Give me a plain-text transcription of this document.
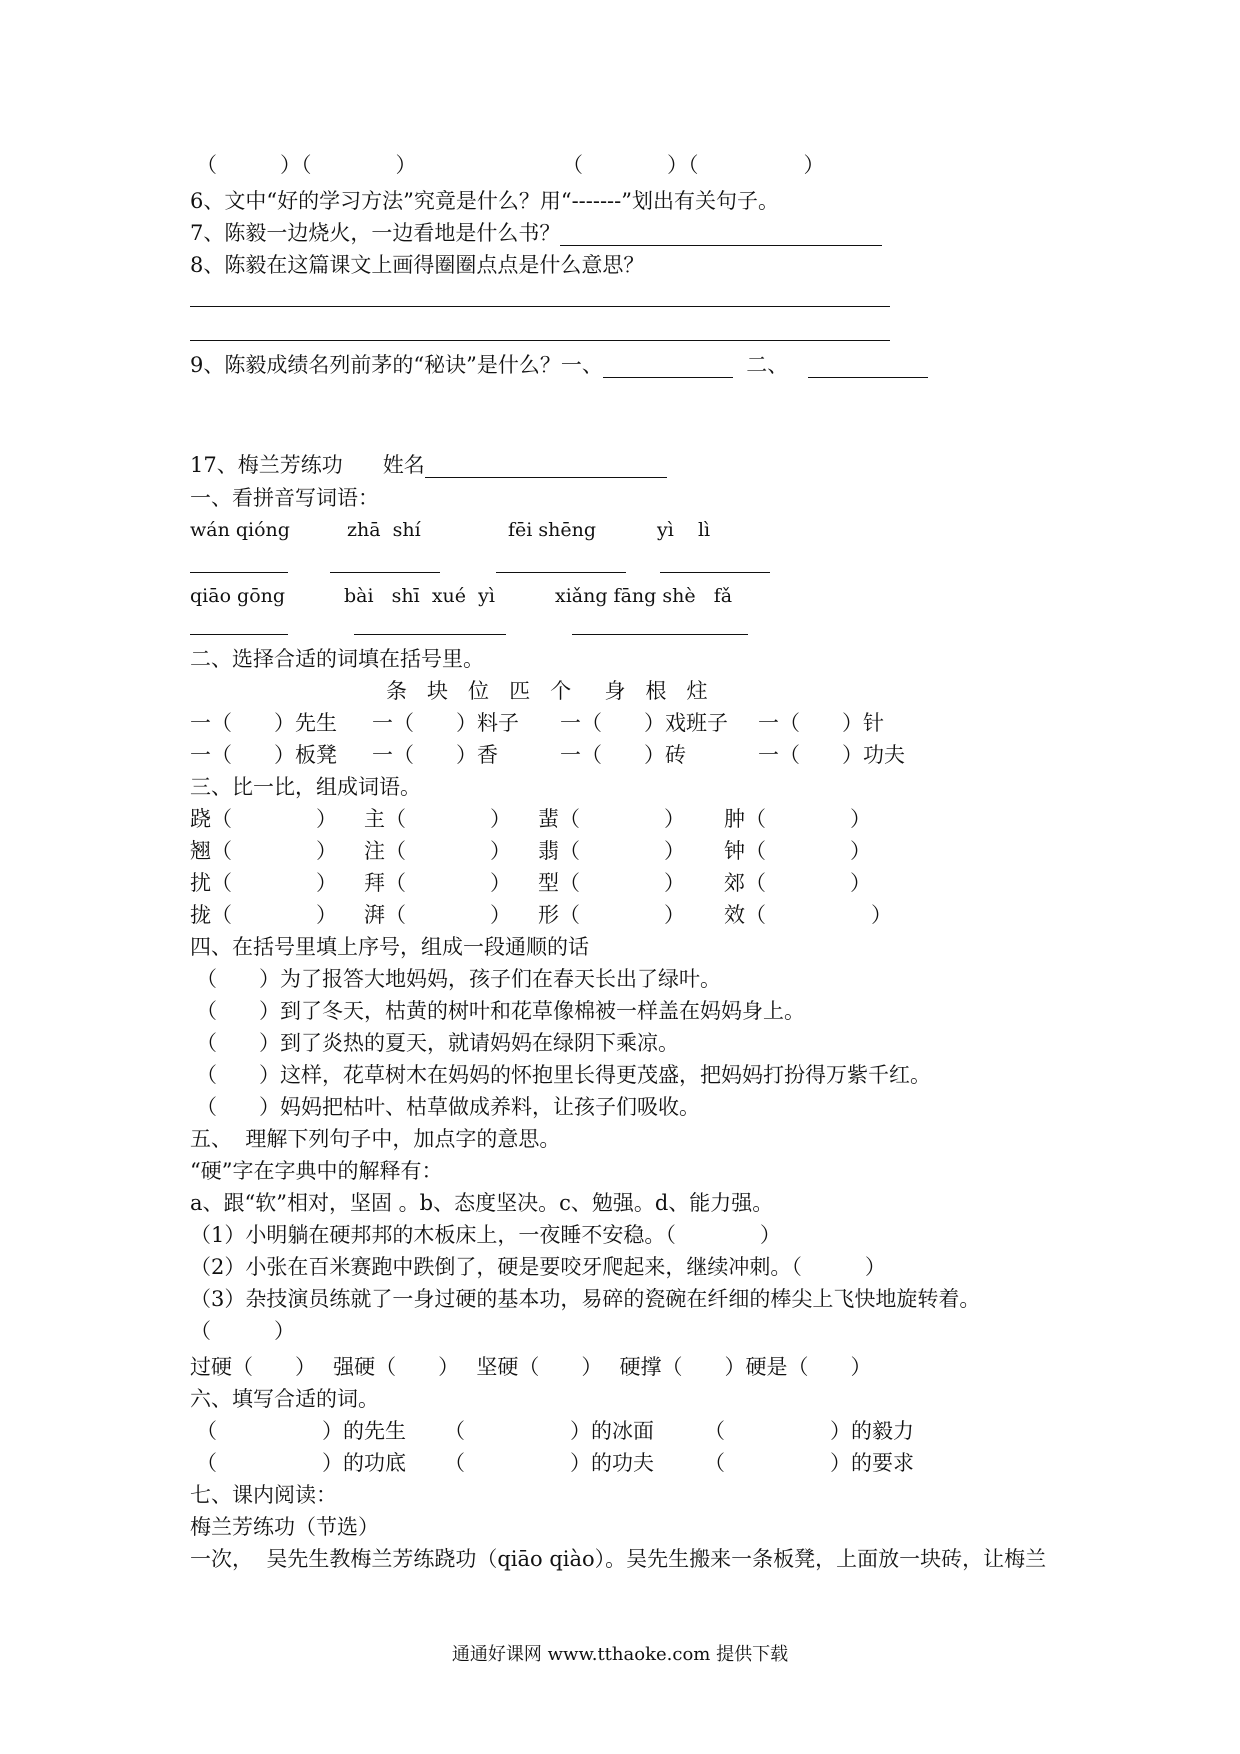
（　　　）（　　　　）	（　　　　）（　　　　　）
6、文中“好的学习方法”究竟是什么？用“-------”划出有关句子。
7、陈毅一边烧火，一边看地是什么书？
8、陈毅在这篇课文上画得圈圈点点是什么意思？
9、陈毅成绩名列前茅的“秘诀”是什么？一、	二、
17、梅兰芳练功 姓名
一、看拼音写词语：
wán qióng	zhā  shí	fēi shēng	yì    lì
qiāo gōng	bài   shī  xué  yì	xiǎng fāng shè   fǎ
二、选择合适的词填在括号里。
条   块   位   匹   个     身   根   炷
一（　　）先生 一（　　）料子 一（　　）戏班子 一（　　）针
一（　　）板凳 一（　　）香	一（　　）砖	一（　　）功夫
三、比一比，组成词语。
跷（　　　　） 主（　　　　） 蜚（　　　　） 肿（　　　　）
翘（　　　　） 注（　　　　） 翡（　　　　） 钟（　　　　）
扰（　　　　） 拜（　　　　） 型（　　　　） 郊（　　　　）
拢（　　　　） 湃（　　　　） 形（　　　　） 效（　　　　　）
四、在括号里填上序号，组成一段通顺的话
（　　）为了报答大地妈妈，孩子们在春天长出了绿叶。
（　　）到了冬天，枯黄的树叶和花草像棉被一样盖在妈妈身上。
（　　）到了炎热的夏天，就请妈妈在绿阴下乘凉。
（　　）这样，花草树木在妈妈的怀抱里长得更茂盛，把妈妈打扮得万紫千红。
（　　）妈妈把枯叶、枯草做成养料，让孩子们吸收。
五、  理解下列句子中，加点字的意思。
“硬”字在字典中的解释有：
a、跟“软”相对，坚固 。b、态度坚决。c、勉强。d、能力强。
（1）小明躺在硬邦邦的木板床上，一夜睡不安稳。（　　　　）
（2）小张在百米赛跑中跌倒了，硬是要咬牙爬起来，继续冲刺。（　　　）
（3）杂技演员练就了一身过硬的基本功，易碎的瓷碗在纤细的棒尖上飞快地旋转着。
（　　　）
过硬（　　）　 强硬（　　）　 坚硬（　　）　 硬撑（　　）硬是（　　）
六、填写合适的词。
（　　　　　）的先生 （　　　　　）的冰面 （　　　　　）的毅力
（　　　　　）的功底 （　　　　　）的功夫 （　　　　　）的要求
七、课内阅读：
梅兰芳练功（节选）
一次，  吴先生教梅兰芳练跷功（qiāo qiào）。吴先生搬来一条板凳，上面放一块砖，让梅兰
通通好课网 www.tthaoke.com 提供下载
